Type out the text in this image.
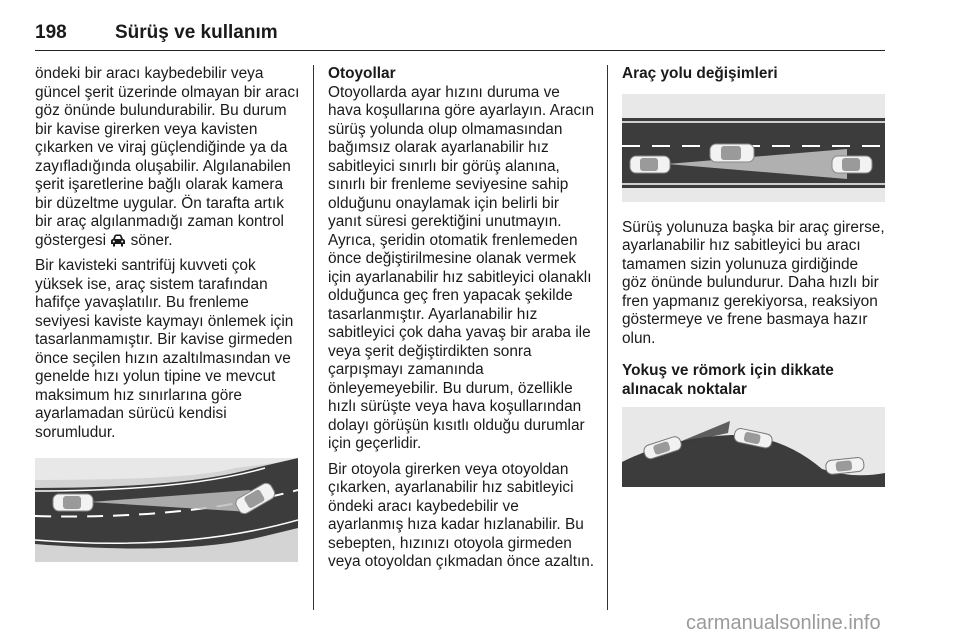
198	Sürüş ve kullanım

öndeki bir aracı kaybedebilir veya güncel şerit üzerinde olmayan bir aracı göz önünde bulundurabilir. Bu durum bir kavise girerken veya kavisten çıkarken ve viraj güçlendiğinde ya da zayıfladığında oluşabilir. Algılanabilen şerit işaretlerine bağlı olarak kamera bir düzeltme uygular. Ön tarafta artık bir araç algılanmadığı zaman kontrol göstergesi söner.

Bir kavisteki santrifüj kuvveti çok yüksek ise, araç sistem tarafından hafifçe yavaşlatılır. Bu frenleme seviyesi kaviste kaymayı önlemek için tasarlanmamıştır. Bir kavise girmeden önce seçilen hızın azaltılmasından ve genelde hızı yolun tipine ve mevcut maksimum hız sınırlarına göre ayarlamadan sürücü kendisi sorumludur.

Otoyollar

Otoyollarda ayar hızını duruma ve hava koşullarına göre ayarlayın. Aracın sürüş yolunda olup olmamasından bağımsız olarak ayarlanabilir hız sabitleyici sınırlı bir görüş alanına, sınırlı bir frenleme seviyesine sahip olduğunu onaylamak için belirli bir yanıt süresi gerektiğini unutmayın. Ayrıca, şeridin otomatik frenlemeden önce değiştirilmesine olanak vermek için ayarlanabilir hız sabitleyici olanaklı olduğunca geç fren yapacak şekilde tasarlanmıştır. Ayarlanabilir hız sabitleyici çok daha yavaş bir araba ile veya şerit değiştirdikten sonra çarpışmayı zamanında önleyemeyebilir. Bu durum, özellikle hızlı sürüşte veya hava koşullarından dolayı görüşün kısıtlı olduğu durumlar için geçerlidir.

Bir otoyola girerken veya otoyoldan çıkarken, ayarlanabilir hız sabitleyici öndeki aracı kaybedebilir ve ayarlanmış hıza kadar hızlanabilir. Bu sebepten, hızınızı otoyola girmeden veya otoyoldan çıkmadan önce azaltın.

Araç yolu değişimleri

Sürüş yolunuza başka bir araç girerse, ayarlanabilir hız sabitleyici bu aracı tamamen sizin yolunuza girdiğinde göz önünde bulundurur. Daha hızlı bir fren yapmanız gerekiyorsa, reaksiyon göstermeye ve frene basmaya hazır olun.

Yokuş ve römork için dikkate alınacak noktalar

carmanualsonline.info
